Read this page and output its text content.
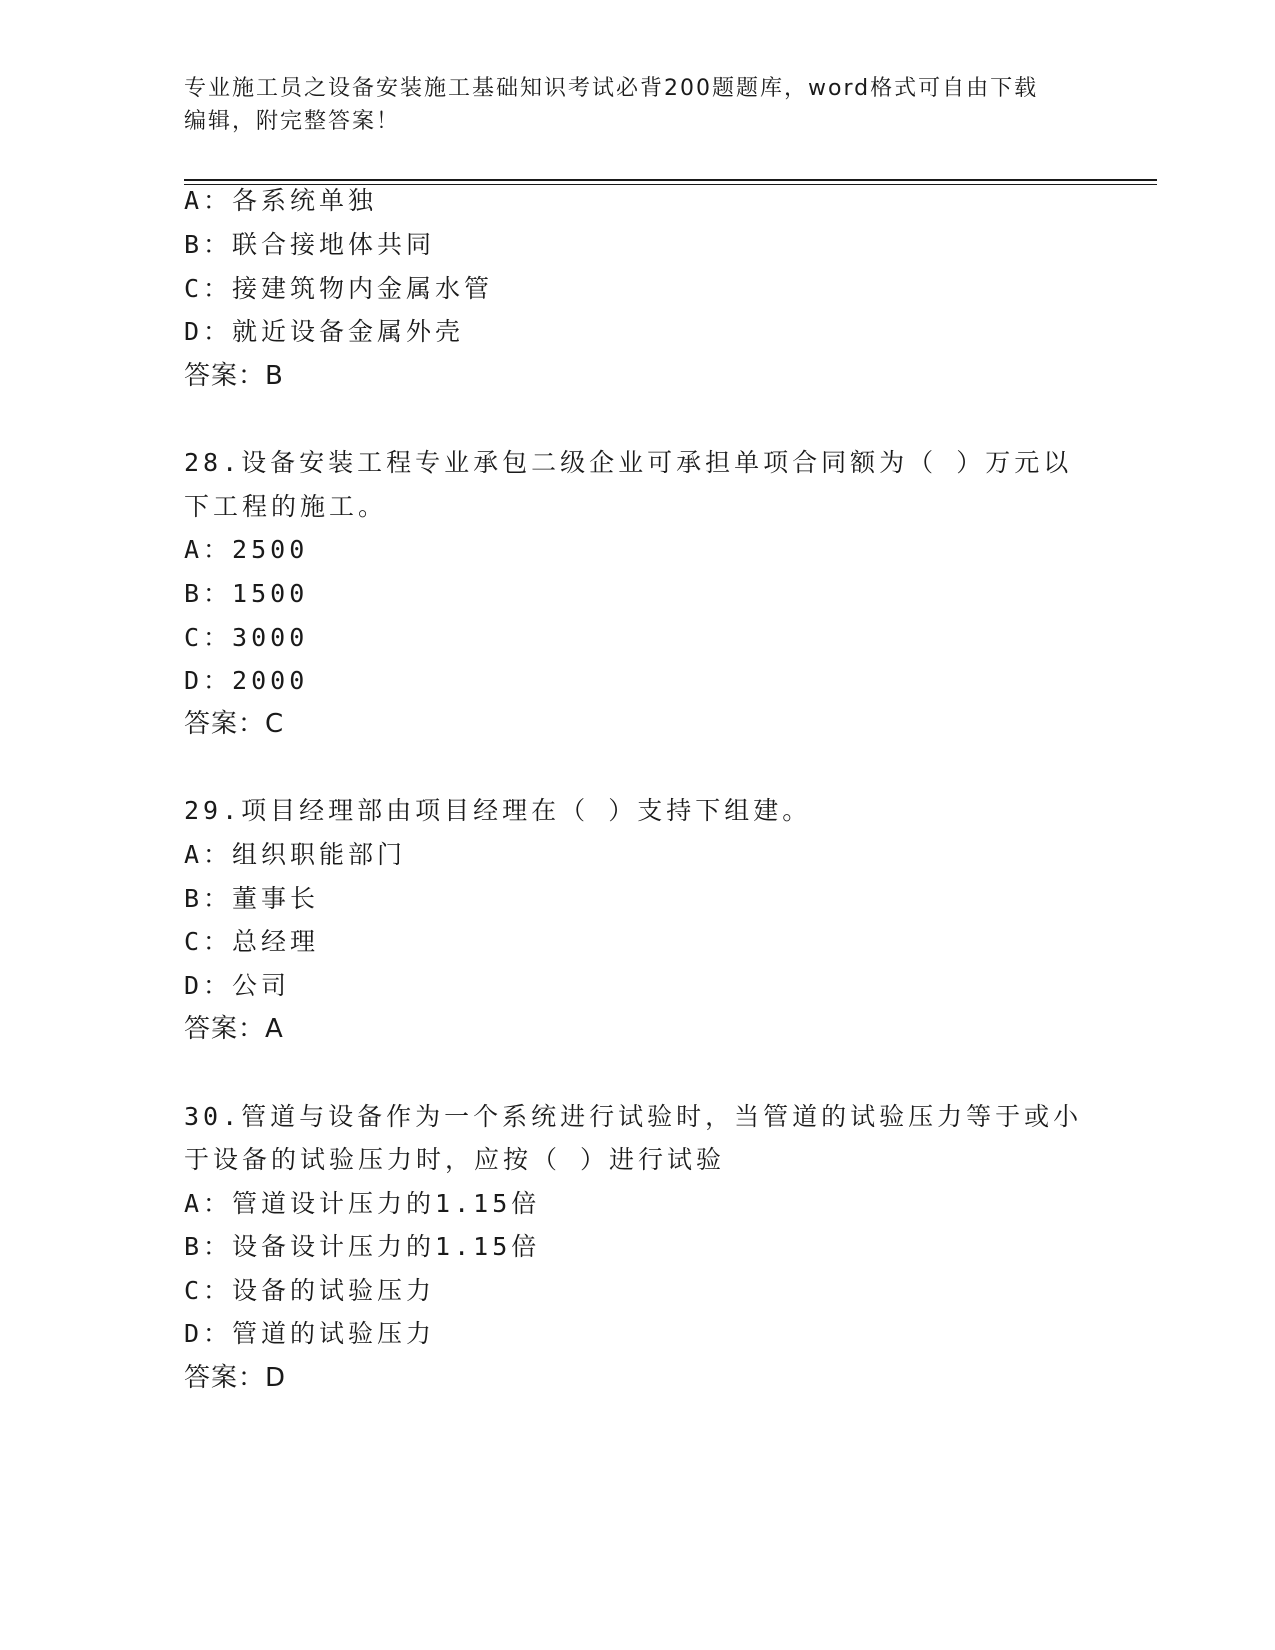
专业施工员之设备安装施工基础知识考试必背200题题库，word格式可自由下载
编辑，附完整答案！
A：各系统单独
B：联合接地体共同
C：接建筑物内金属水管
D：就近设备金属外壳
答案：B
28.设备安装工程专业承包二级企业可承担单项合同额为（ ）万元以
下工程的施工。
A：2500
B：1500
C：3000
D：2000
答案：C
29.项目经理部由项目经理在（ ）支持下组建。
A：组织职能部门
B：董事长
C：总经理
D：公司
答案：A
30.管道与设备作为一个系统进行试验时，当管道的试验压力等于或小
于设备的试验压力时，应按（ ）进行试验
A：管道设计压力的1.15倍
B：设备设计压力的1.15倍
C：设备的试验压力
D：管道的试验压力
答案：D
